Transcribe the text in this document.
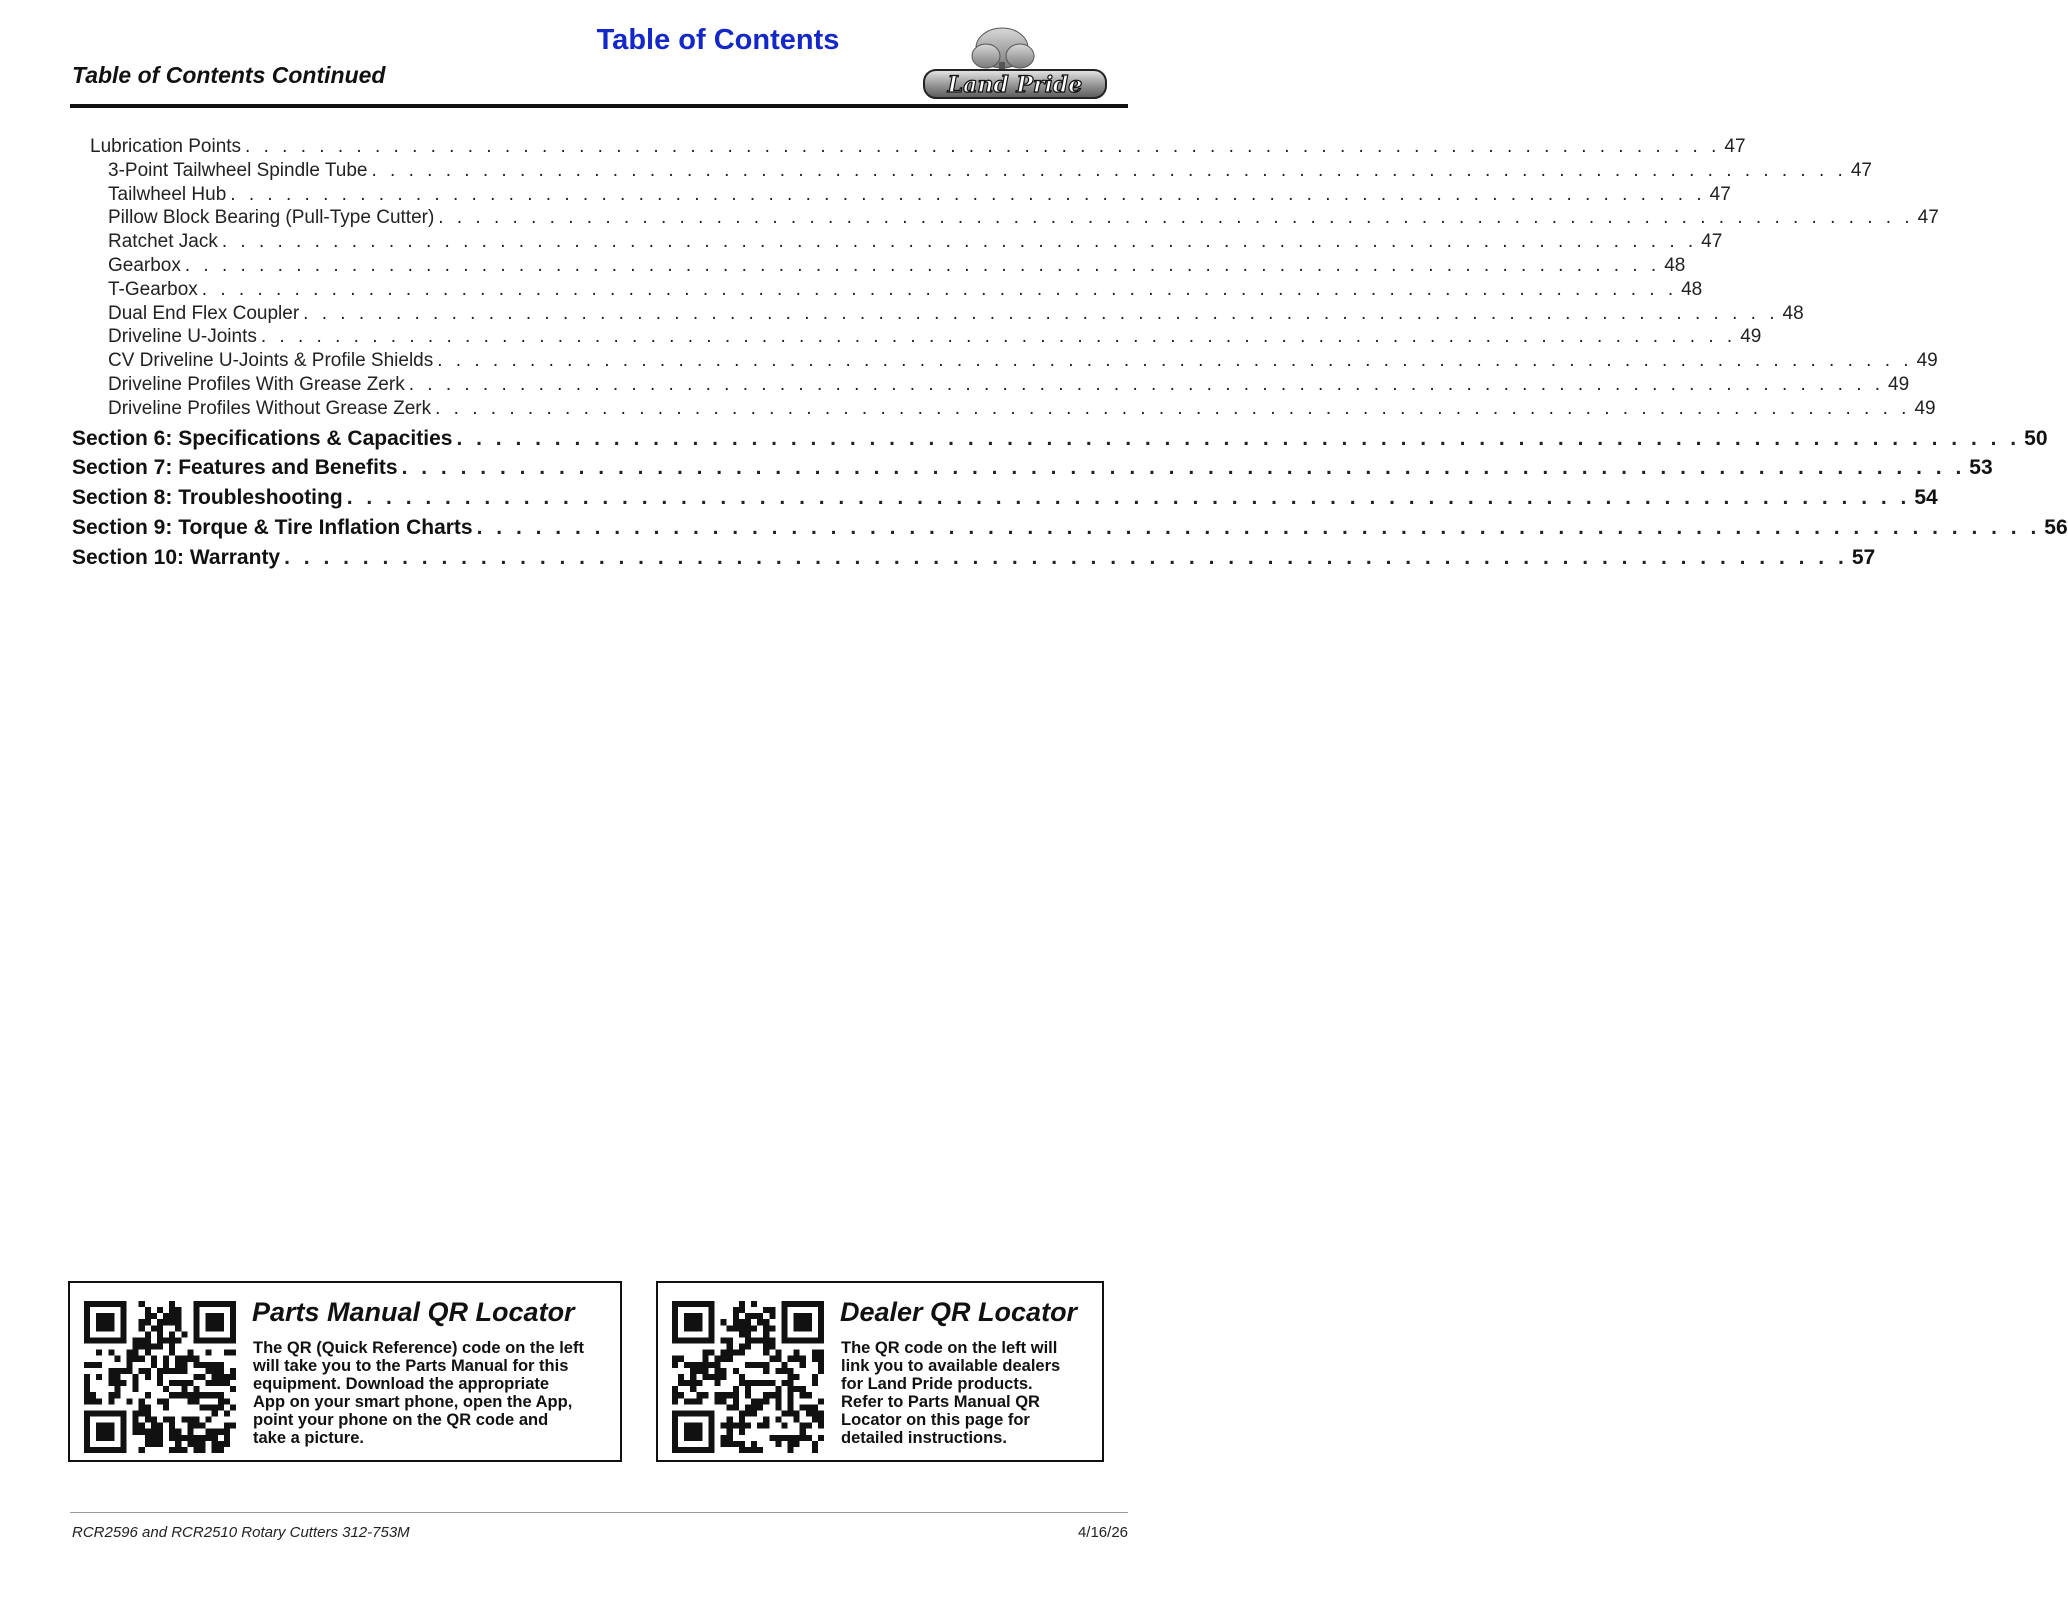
Table of Contents
Table of Contents Continued	Land Pride
Lubrication Points . . . . . . . . . . . . . . . . . . . . . . . . . . . . . . . . . . . . . . . . . . . . . . . . . . . . . . . . . . . . . . . . . . . . . . . . . . . . . . . . 47
3-Point Tailwheel Spindle Tube . . . . . . . . . . . . . . . . . . . . . . . . . . . . . . . . . . . . . . . . . . . . . . . . . . . . . . . . . . . . . . . . . . . . . . . . . . . . . . . . 47
Tailwheel Hub . . . . . . . . . . . . . . . . . . . . . . . . . . . . . . . . . . . . . . . . . . . . . . . . . . . . . . . . . . . . . . . . . . . . . . . . . . . . . . . . 47
Pillow Block Bearing (Pull-Type Cutter) . . . . . . . . . . . . . . . . . . . . . . . . . . . . . . . . . . . . . . . . . . . . . . . . . . . . . . . . . . . . . . . . . . . . . . . . . . . . . . . . 47
Ratchet Jack . . . . . . . . . . . . . . . . . . . . . . . . . . . . . . . . . . . . . . . . . . . . . . . . . . . . . . . . . . . . . . . . . . . . . . . . . . . . . . . . 47
Gearbox . . . . . . . . . . . . . . . . . . . . . . . . . . . . . . . . . . . . . . . . . . . . . . . . . . . . . . . . . . . . . . . . . . . . . . . . . . . . . . . . 48
T-Gearbox . . . . . . . . . . . . . . . . . . . . . . . . . . . . . . . . . . . . . . . . . . . . . . . . . . . . . . . . . . . . . . . . . . . . . . . . . . . . . . . . 48
Dual End Flex Coupler . . . . . . . . . . . . . . . . . . . . . . . . . . . . . . . . . . . . . . . . . . . . . . . . . . . . . . . . . . . . . . . . . . . . . . . . . . . . . . . . 48
Driveline U-Joints . . . . . . . . . . . . . . . . . . . . . . . . . . . . . . . . . . . . . . . . . . . . . . . . . . . . . . . . . . . . . . . . . . . . . . . . . . . . . . . . 49
CV Driveline U-Joints & Profile Shields . . . . . . . . . . . . . . . . . . . . . . . . . . . . . . . . . . . . . . . . . . . . . . . . . . . . . . . . . . . . . . . . . . . . . . . . . . . . . . . . 49
Driveline Profiles With Grease Zerk . . . . . . . . . . . . . . . . . . . . . . . . . . . . . . . . . . . . . . . . . . . . . . . . . . . . . . . . . . . . . . . . . . . . . . . . . . . . . . . . 49
Driveline Profiles Without Grease Zerk . . . . . . . . . . . . . . . . . . . . . . . . . . . . . . . . . . . . . . . . . . . . . . . . . . . . . . . . . . . . . . . . . . . . . . . . . . . . . . . . 49
Section 6: Specifications & Capacities . . . . . . . . . . . . . . . . . . . . . . . . . . . . . . . . . . . . . . . . . . . . . . . . . . . . . . . . . . . . . . . . . . . . . . . . . . . . . . . . 50
Section 7: Features and Benefits . . . . . . . . . . . . . . . . . . . . . . . . . . . . . . . . . . . . . . . . . . . . . . . . . . . . . . . . . . . . . . . . . . . . . . . . . . . . . . . . 53
Section 8: Troubleshooting . . . . . . . . . . . . . . . . . . . . . . . . . . . . . . . . . . . . . . . . . . . . . . . . . . . . . . . . . . . . . . . . . . . . . . . . . . . . . . . . 54
Section 9: Torque & Tire Inflation Charts . . . . . . . . . . . . . . . . . . . . . . . . . . . . . . . . . . . . . . . . . . . . . . . . . . . . . . . . . . . . . . . . . . . . . . . . . . . . . . . . 56
Section 10: Warranty . . . . . . . . . . . . . . . . . . . . . . . . . . . . . . . . . . . . . . . . . . . . . . . . . . . . . . . . . . . . . . . . . . . . . . . . . . . . . . . . 57
Parts Manual QR Locator
The QR (Quick Reference) code on the left
will take you to the Parts Manual for this
equipment. Download the appropriate
App on your smart phone, open the App,
point your phone on the QR code and
take a picture.
Dealer QR Locator
The QR code on the left will
link you to available dealers
for Land Pride products.
Refer to Parts Manual QR
Locator on this page for
detailed instructions.
RCR2596 and RCR2510 Rotary Cutters 312-753M	4/16/26
